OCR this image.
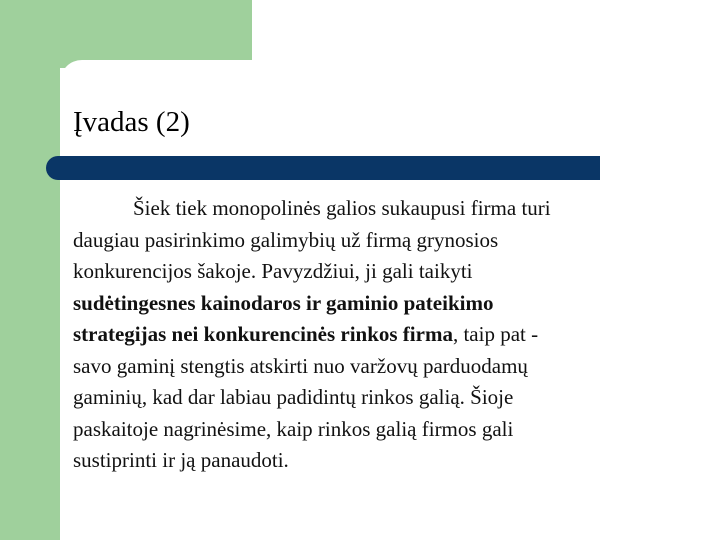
Įvadas (2)

Šiek tiek monopolinės galios sukaupusi firma turi
daugiau pasirinkimo galimybių už firmą grynosios
konkurencijos šakoje. Pavyzdžiui, ji gali taikyti
sudėtingesnes kainodaros ir gaminio pateikimo
strategijas nei konkurencinės rinkos firma, taip pat -
savo gaminį stengtis atskirti nuo varžovų parduodamų
gaminių, kad dar labiau padidintų rinkos galią. Šioje
paskaitoje nagrinėsime, kaip rinkos galią firmos gali
sustiprinti ir ją panaudoti.
